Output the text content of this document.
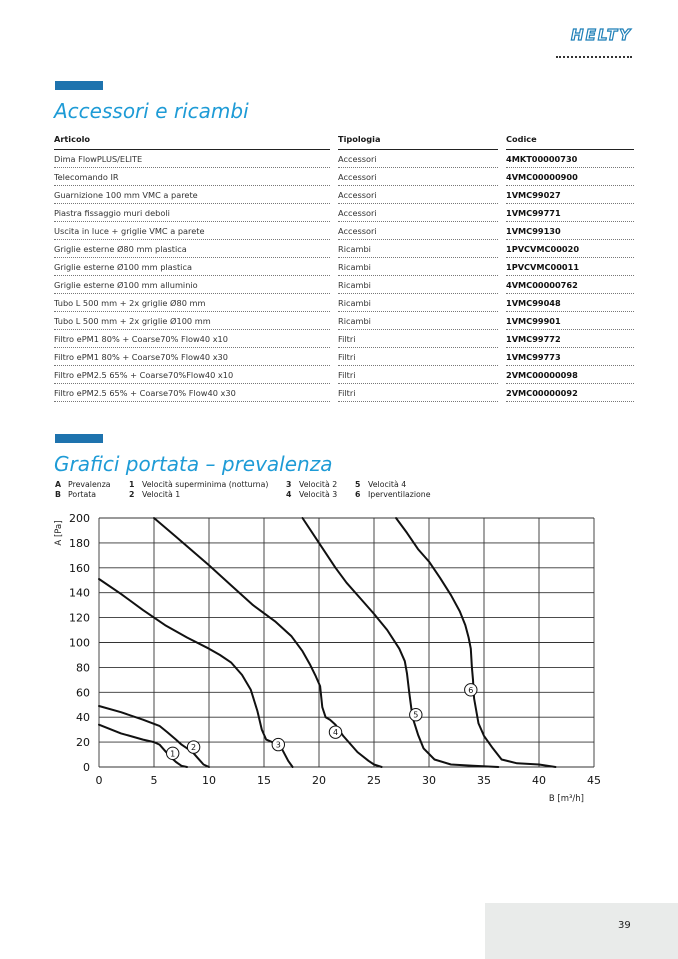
HELTY
Accessori e ricambi
Articolo		Tipologia		Codice
Dima FlowPLUS/ELITE		Accessori		4MKT00000730
Telecomando IR		Accessori		4VMC00000900
Guarnizione 100 mm VMC a parete		Accessori		1VMC99027
Piastra fissaggio muri deboli		Accessori		1VMC99771
Uscita in luce + griglie VMC a parete		Accessori		1VMC99130
Griglie esterne Ø80 mm plastica		Ricambi		1PVCVMC00020
Griglie esterne Ø100 mm plastica		Ricambi		1PVCVMC00011
Griglie esterne Ø100 mm alluminio		Ricambi		4VMC00000762
Tubo L 500 mm + 2x griglie Ø80 mm		Ricambi		1VMC99048
Tubo L 500 mm + 2x griglie Ø100 mm		Ricambi		1VMC99901
Filtro ePM1 80% + Coarse70% Flow40 x10		Filtri		1VMC99772
Filtro ePM1 80% + Coarse70% Flow40 x30		Filtri		1VMC99773
Filtro ePM2.5 65% + Coarse70%Flow40 x10		Filtri		2VMC00000098
Filtro ePM2.5 65% + Coarse70% Flow40 x30		Filtri		2VMC00000092
Grafici portata – prevalenza
A Prevalenza
B Portata
1 Velocità superminima (notturna)
2 Velocità 1
3 Velocità 2
4 Velocità 3
5 Velocità 4
6 Iperventilazione
0	5	10	15	20	25	30	35	40	45
0
20
40
60
80
100
120
140
160
180
200
B [m³/h]
A [Pa]
1
2	3
4
5
6
39
